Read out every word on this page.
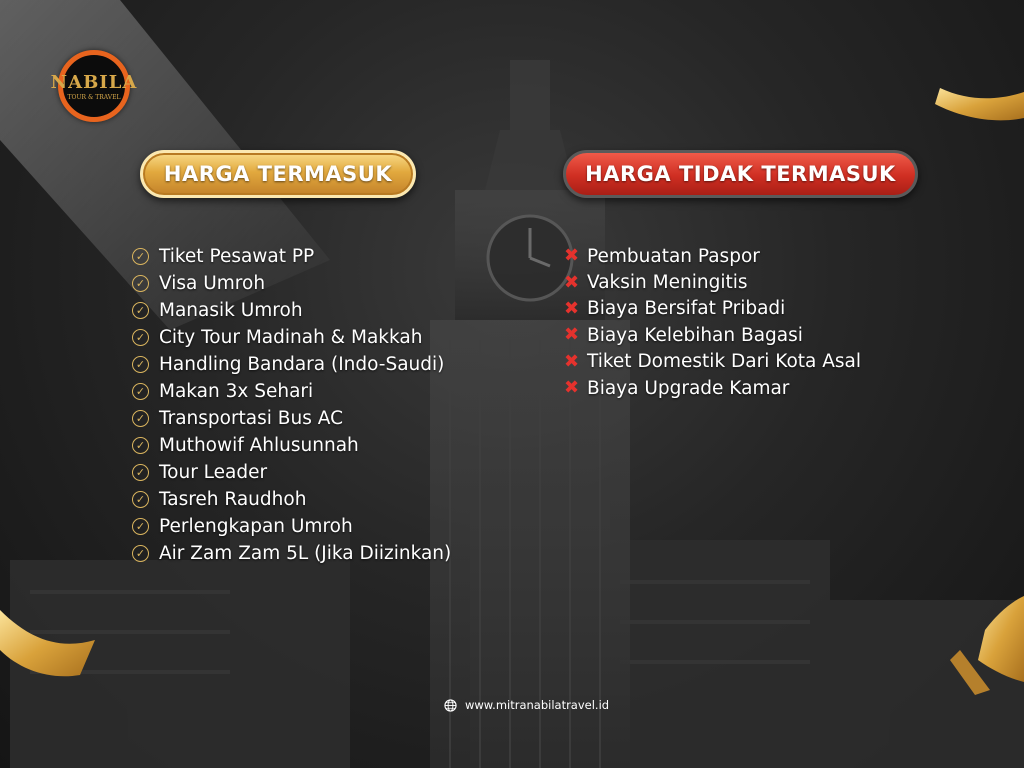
NABILA
TOUR & TRAVEL
HARGA TERMASUK	HARGA TIDAK TERMASUK
✓ Tiket Pesawat PP
✓ Visa Umroh
✓ Manasik Umroh
✓ City Tour Madinah & Makkah
✓ Handling Bandara (Indo-Saudi)
✓ Makan 3x Sehari
✓ Transportasi Bus AC
✓ Muthowif Ahlusunnah
✓ Tour Leader
✓ Tasreh Raudhoh
✓ Perlengkapan Umroh
✓ Air Zam Zam 5L (Jika Diizinkan)
✖ Pembuatan Paspor
✖ Vaksin Meningitis
✖ Biaya Bersifat Pribadi
✖ Biaya Kelebihan Bagasi
✖ Tiket Domestik Dari Kota Asal
✖ Biaya Upgrade Kamar
www.mitranabilatravel.id
